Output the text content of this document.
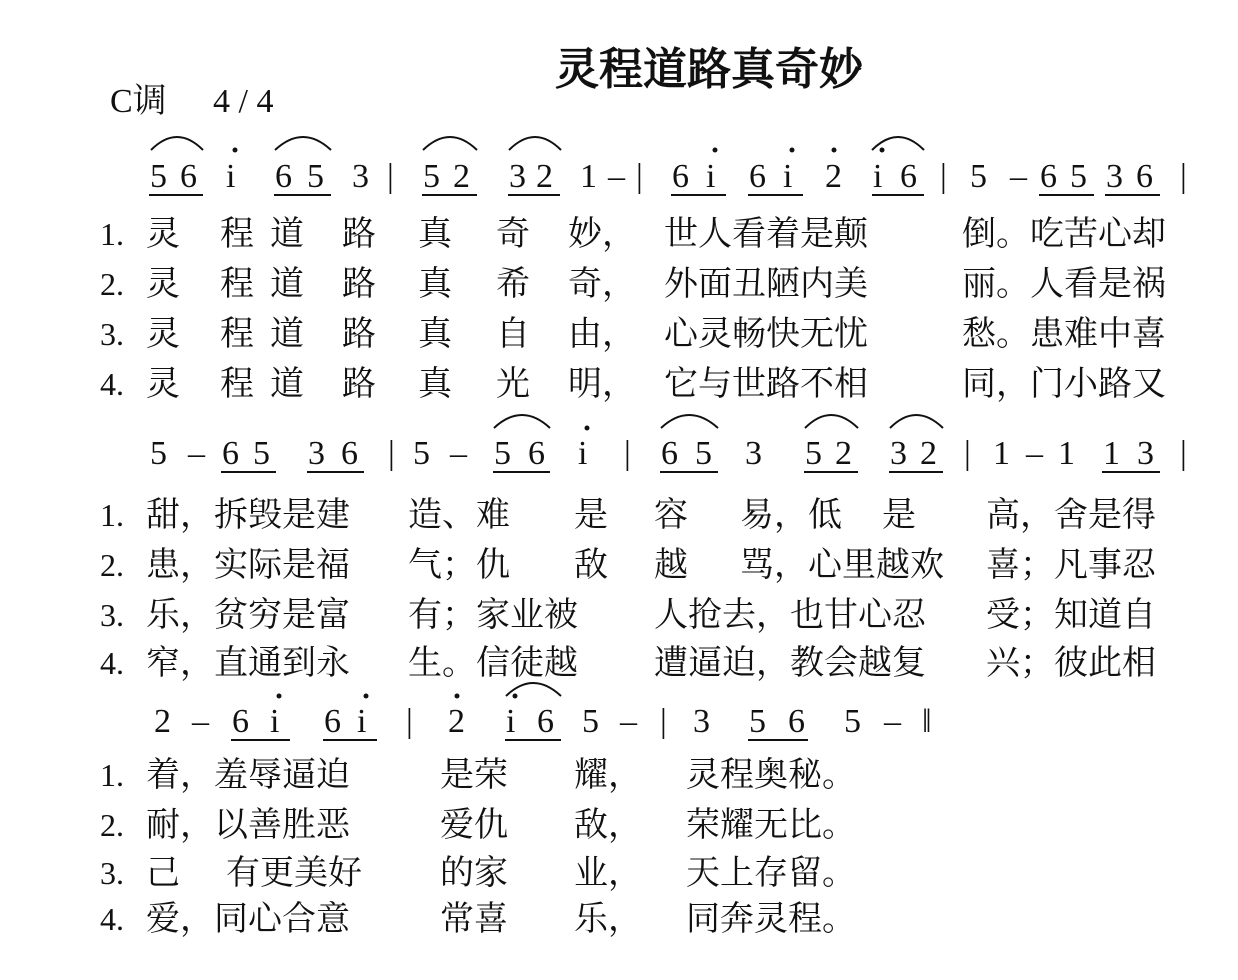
灵程道路真奇妙
C调 4 / 4
5 6 i 6 5 3 | 5 2 3 2 1 – | 6 i 6 i 2 i 6 | 5 – 6 5 3 6 |
1. 灵 程 道 路 真 奇 妙， 世人看着是颠	倒。吃苦心却
2. 灵 程 道 路 真 希 奇， 外面丑陋内美	丽。人看是祸
3. 灵 程 道 路 真 自 由， 心灵畅快无忧	愁。患难中喜
4. 灵 程 道 路 真 光 明， 它与世路不相	同，门小路又
5 – 6 5 3 6 | 5 – 5 6 i | 6 5 3 5 2 3 2 | 1 – 1 1 3 |
1. 甜，拆毁是建 造、难 是 容 易，低 是 高，舍是得
2. 患，实际是福 气；仇 敌 越 骂，心里越欢 喜；凡事忍
3. 乐，贫穷是富 有；家业被 人抢去，也甘心忍 受；知道自
4. 窄，直通到永 生。信徒越 遭逼迫，教会越复 兴；彼此相
2 – 6 i 6 i | 2 i 6 5 – | 3 5 6 5 – ‖
1. 着，羞辱逼迫	是荣 耀， 灵程奥秘。
2. 耐，以善胜恶	爱仇 敌， 荣耀无比。
3. 己 有更美好 的家 业， 天上存留。
4. 爱，同心合意	常喜 乐， 同奔灵程。
